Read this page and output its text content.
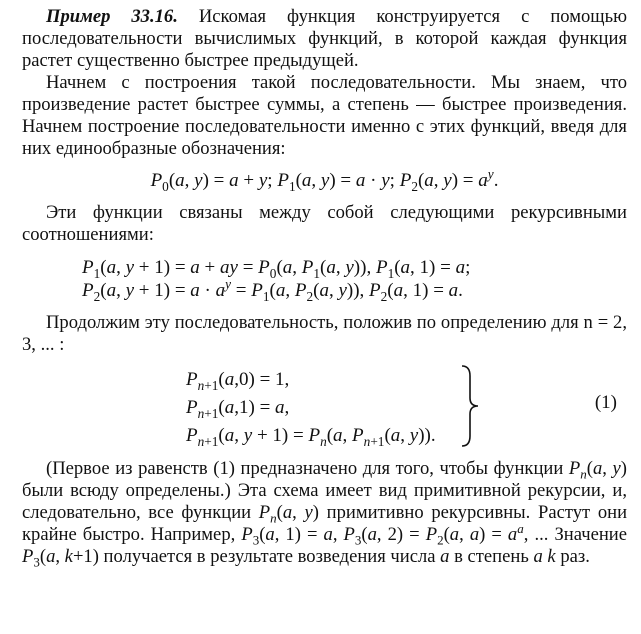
Пример 33.16. Искомая функция конструируется с помощью последовательности вычислимых функций, в которой каждая функция растет существенно быстрее предыдущей.

Начнем с построения такой последовательности. Мы знаем, что произведение растет быстрее суммы, а степень — быстрее произведения. Начнем построение последовательности именно с этих функций, введя для них единообразные обозначения:

$P_0(a$, y) = a + y; $P_1(a$, y) = a · y; $P_2(a$, $y) = a^y$.

Эти функции связаны между собой следующими рекурсивными соотношениями:

$P_1(a$, y + 1) = a + ay = $P_0(a$, $P_1(a$, y)), $P_1(a$, 1) = a;
$P_2(a$, $y + 1) = a \cdot a^y = P_1(a$, $P_2(a$, y)), $P_2(a$, 1) = a.

Продолжим эту последовательность, положив по определению для n = 2, 3, ... :

$P_{n+1}(a,0) = 1$,
$P_{n+1}(a,1) = a$,
$P_{n+1}(a$, $y + 1) = P_n(a$, $P_{n+1}(a$, y)).
(1)

(Первое из равенств (1) предназначено для того, чтобы функции $P_n(a$, y) были всюду определены.) Эта схема имеет вид примитивной рекурсии, и, следовательно, все функции $P_n(a$, y) примитивно рекурсивны. Растут они крайне быстро. Например, $P_3(a$, 1) = a, $P_3(a$, $2) = P_2(a$, $a) = a^a$, ... Значение $P_3(a$, k+1) получается в результате возведения числа a в степень a k раз.
